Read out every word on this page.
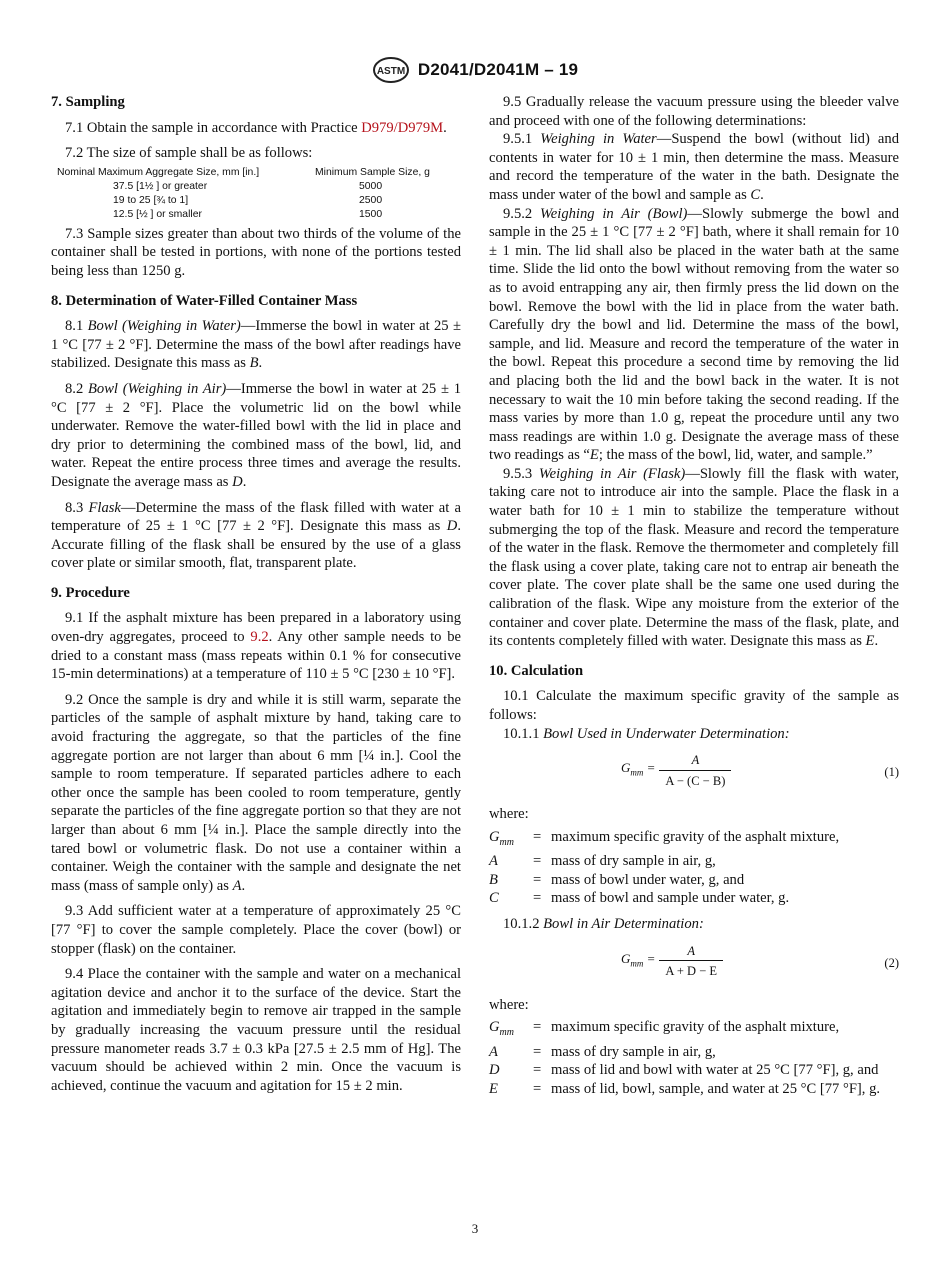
ASTM D2041/D2041M – 19
7. Sampling

7.1 Obtain the sample in accordance with Practice D979/D979M.

7.2 The size of sample shall be as follows:

Nominal Maximum Aggregate Size, mm [in.]	Minimum Sample Size, g
37.5 [1½ ] or greater	5000
19 to 25 [¾ to 1]	2500
12.5 [½ ] or smaller	1500

7.3 Sample sizes greater than about two thirds of the volume of the container shall be tested in portions, with none of the portions tested being less than 1250 g.

8. Determination of Water-Filled Container Mass

8.1 Bowl (Weighing in Water)—Immerse the bowl in water at 25 ± 1 °C [77 ± 2 °F]. Determine the mass of the bowl after readings have stabilized. Designate this mass as B.

8.2 Bowl (Weighing in Air)—Immerse the bowl in water at 25 ± 1 °C [77 ± 2 °F]. Place the volumetric lid on the bowl while underwater. Remove the water-filled bowl with the lid in place and dry prior to determining the combined mass of the bowl, lid, and water. Repeat the entire process three times and average the results. Designate the average mass as D.

8.3 Flask—Determine the mass of the flask filled with water at a temperature of 25 ± 1 °C [77 ± 2 °F]. Designate this mass as D. Accurate filling of the flask shall be ensured by the use of a glass cover plate or similar smooth, flat, transparent plate.

9. Procedure

9.1 If the asphalt mixture has been prepared in a laboratory using oven-dry aggregates, proceed to 9.2. Any other sample needs to be dried to a constant mass (mass repeats within 0.1 % for consecutive 15-min determinations) at a temperature of 110 ± 5 °C [230 ± 10 °F].

9.2 Once the sample is dry and while it is still warm, separate the particles of the sample of asphalt mixture by hand, taking care to avoid fracturing the aggregate, so that the particles of the fine aggregate portion are not larger than about 6 mm [¼ in.]. Cool the sample to room temperature. If separated particles adhere to each other once the sample has been cooled to room temperature, gently separate the particles of the fine aggregate portion so that they are not larger than about 6 mm [¼ in.]. Place the sample directly into the tared bowl or volumetric flask. Do not use a container within a container. Weigh the container with the sample and designate the net mass (mass of sample only) as A.

9.3 Add sufficient water at a temperature of approximately 25 °C [77 °F] to cover the sample completely. Place the cover (bowl) or stopper (flask) on the container.

9.4 Place the container with the sample and water on a mechanical agitation device and anchor it to the surface of the device. Start the agitation and immediately begin to remove air trapped in the sample by gradually increasing the vacuum pressure until the residual pressure manometer reads 3.7 ± 0.3 kPa [27.5 ± 2.5 mm of Hg]. The vacuum should be achieved within 2 min. Once the vacuum is achieved, continue the vacuum and agitation for 15 ± 2 min.

9.5 Gradually release the vacuum pressure using the bleeder valve and proceed with one of the following determinations:

9.5.1 Weighing in Water—Suspend the bowl (without lid) and contents in water for 10 ± 1 min, then determine the mass. Measure and record the temperature of the water in the bath. Designate the mass under water of the bowl and sample as C.

9.5.2 Weighing in Air (Bowl)—Slowly submerge the bowl and sample in the 25 ± 1 °C [77 ± 2 °F] bath, where it shall remain for 10 ± 1 min. The lid shall also be placed in the water bath at the same time. Slide the lid onto the bowl without removing from the water so as to avoid entrapping any air, then firmly press the lid down on the bowl. Remove the bowl with the lid in place from the water bath. Carefully dry the bowl and lid. Determine the mass of the bowl, sample, and lid. Measure and record the temperature of the water in the bowl. Repeat this procedure a second time by removing the lid and placing both the lid and the bowl back in the water. It is not necessary to wait the 10 min before taking the second reading. If the mass varies by more than 1.0 g, repeat the procedure until any two mass readings are within 1.0 g. Designate the average mass of these two readings as “E; the mass of the bowl, lid, water, and sample.”

9.5.3 Weighing in Air (Flask)—Slowly fill the flask with water, taking care not to introduce air into the sample. Place the flask in a water bath for 10 ± 1 min to stabilize the temperature without submerging the top of the flask. Measure and record the temperature of the water in the flask. Remove the thermometer and completely fill the flask using a cover plate, taking care not to entrap air beneath the cover plate. The cover plate shall be the same one used during the calibration of the flask. Wipe any moisture from the exterior of the container and cover plate. Determine the mass of the flask, plate, and its contents completely filled with water. Designate this mass as E.

10. Calculation

10.1 Calculate the maximum specific gravity of the sample as follows:

10.1.1 Bowl Used in Underwater Determination:

$G_{mm} = \frac{A}{A - (C - B)}$	(1)

where:

$G_{mm}$	= maximum specific gravity of the asphalt mixture,
A	= mass of dry sample in air, g,
B	= mass of bowl under water, g, and
C	= mass of bowl and sample under water, g.

10.1.2 Bowl in Air Determination:

$G_{mm} = \frac{A}{A + D - E}$	(2)

where:

$G_{mm}$	= maximum specific gravity of the asphalt mixture,
A	= mass of dry sample in air, g,
D	= mass of lid and bowl with water at 25 °C [77 °F], g, and
E	= mass of lid, bowl, sample, and water at 25 °C [77 °F], g.
3
